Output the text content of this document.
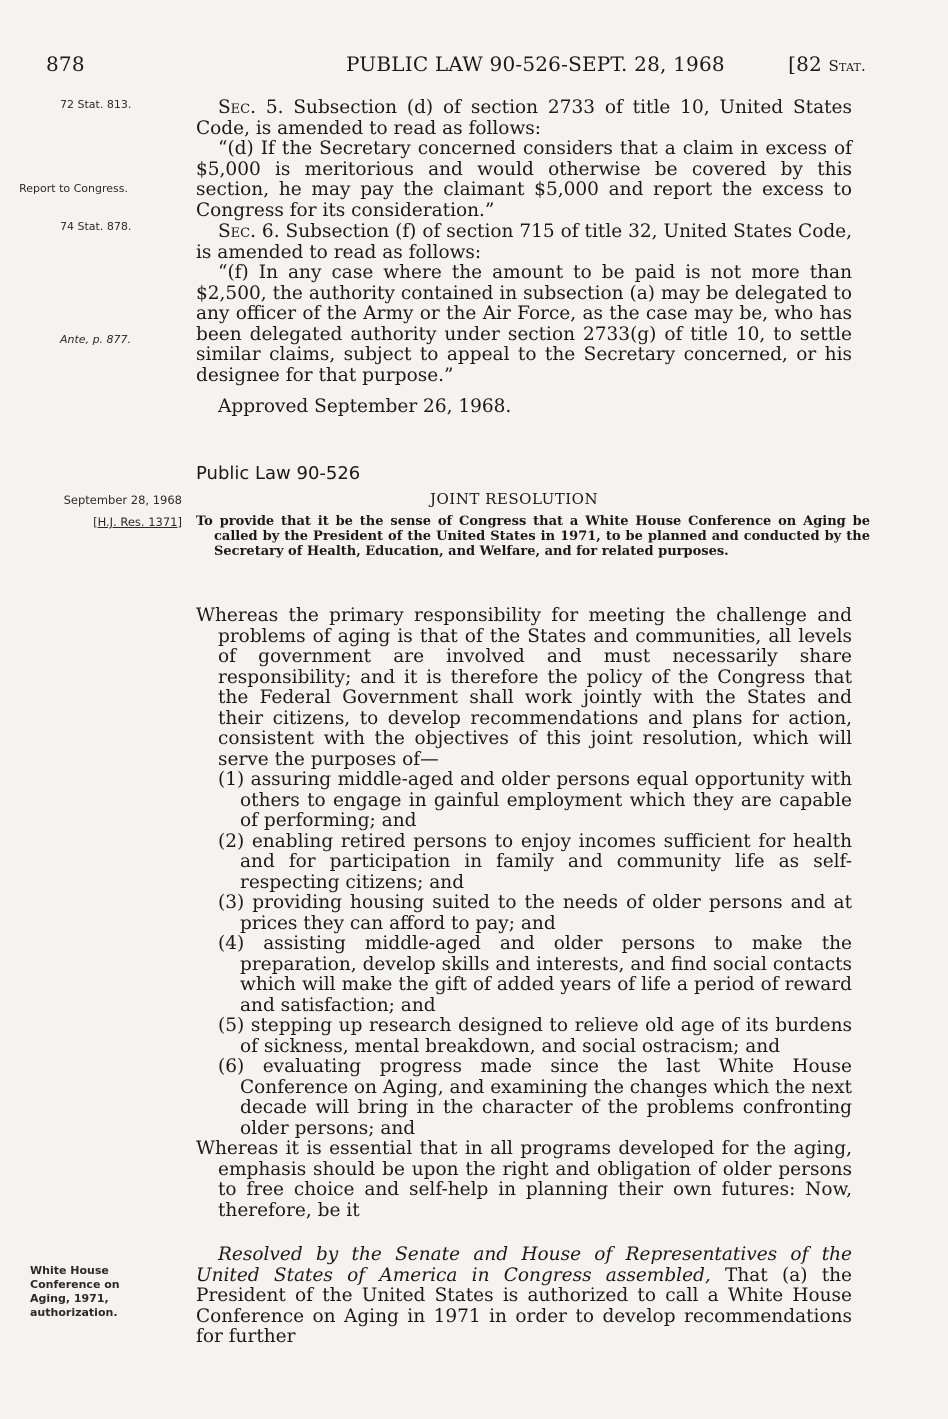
878	PUBLIC LAW 90-526-SEPT. 28, 1968	[82 Stat.
72 Stat. 813.
Report to Congress.
74 Stat. 878.
Ante, p. 877.
September 28, 1968
[H.J. Res. 1371]
White House Conference on Aging, 1971, authorization.

Sec. 5. Subsection (d) of section 2733 of title 10, United States Code, is amended to read as follows:

“(d) If the Secretary concerned considers that a claim in excess of $5,000 is meritorious and would otherwise be covered by this section, he may pay the claimant $5,000 and report the excess to Congress for its consideration.”

Sec. 6. Subsection (f) of section 715 of title 32, United States Code, is amended to read as follows:

“(f) In any case where the amount to be paid is not more than $2,500, the authority contained in subsection (a) may be delegated to any officer of the Army or the Air Force, as the case may be, who has been delegated authority under section 2733(g) of title 10, to settle similar claims, subject to appeal to the Secretary concerned, or his designee for that purpose.”

Approved September 26, 1968.

Public Law 90-526
JOINT RESOLUTION
To provide that it be the sense of Congress that a White House Conference on Aging be called by the President of the United States in 1971, to be planned and conducted by the Secretary of Health, Education, and Welfare, and for related purposes.

Whereas the primary responsibility for meeting the challenge and problems of aging is that of the States and communities, all levels of government are involved and must necessarily share responsibility; and it is therefore the policy of the Congress that the Federal Government shall work jointly with the States and their citizens, to develop recommendations and plans for action, consistent with the objectives of this joint resolution, which will serve the purposes of—

(1) assuring middle-aged and older persons equal opportunity with others to engage in gainful employment which they are capable of performing; and

(2) enabling retired persons to enjoy incomes sufficient for health and for participation in family and community life as self-respecting citizens; and

(3) providing housing suited to the needs of older persons and at prices they can afford to pay; and

(4) assisting middle-aged and older persons to make the preparation, develop skills and interests, and find social contacts which will make the gift of added years of life a period of reward and satisfaction; and

(5) stepping up research designed to relieve old age of its burdens of sickness, mental breakdown, and social ostracism; and

(6) evaluating progress made since the last White House Conference on Aging, and examining the changes which the next decade will bring in the character of the problems confronting older persons; and

Whereas it is essential that in all programs developed for the aging, emphasis should be upon the right and obligation of older persons to free choice and self-help in planning their own futures: Now, therefore, be it

Resolved by the Senate and House of Representatives of the United States of America in Congress assembled, That (a) the President of the United States is authorized to call a White House Conference on Aging in 1971 in order to develop recommendations for further
